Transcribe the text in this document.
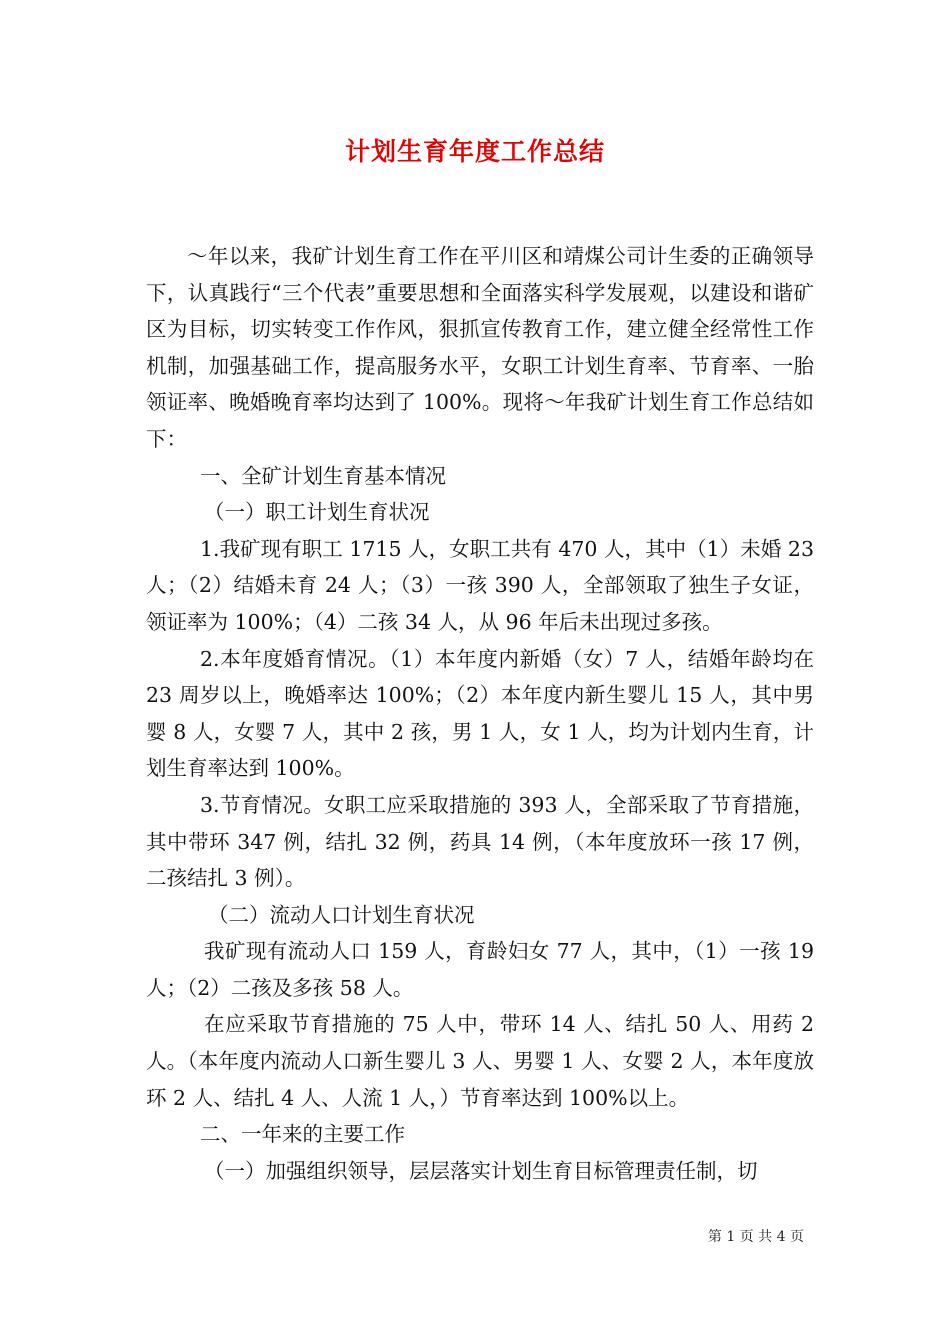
计划生育年度工作总结

～年以来，我矿计划生育工作在平川区和靖煤公司计生委的正确领导下，认真践行“三个代表”重要思想和全面落实科学发展观，以建设和谐矿区为目标，切实转变工作作风，狠抓宣传教育工作，建立健全经常性工作机制，加强基础工作，提高服务水平，女职工计划生育率、节育率、一胎领证率、晚婚晚育率均达到了 100%。现将～年我矿计划生育工作总结如下：

一、全矿计划生育基本情况

（一）职工计划生育状况

1.我矿现有职工 1715 人，女职工共有 470 人，其中（1）未婚 23 人；（2）结婚未育 24 人；（3）一孩 390 人，全部领取了独生子女证，领证率为 100%；（4）二孩 34 人，从 96 年后未出现过多孩。

2.本年度婚育情况。（1）本年度内新婚（女）7 人，结婚年龄均在 23 周岁以上，晚婚率达 100%；（2）本年度内新生婴儿 15 人，其中男婴 8 人，女婴 7 人，其中 2 孩，男 1 人，女 1 人，均为计划内生育，计划生育率达到 100%。

3.节育情况。女职工应采取措施的 393 人，全部采取了节育措施，其中带环 347 例，结扎 32 例，药具 14 例，（本年度放环一孩 17 例，二孩结扎 3 例）。

（二）流动人口计划生育状况

我矿现有流动人口 159 人，育龄妇女 77 人，其中，（1）一孩 19 人；（2）二孩及多孩 58 人。

在应采取节育措施的 75 人中，带环 14 人、结扎 50 人、用药 2 人。（本年度内流动人口新生婴儿 3 人、男婴 1 人、女婴 2 人，本年度放环 2 人、结扎 4 人、人流 1 人，）节育率达到 100%以上。

二、一年来的主要工作

（一）加强组织领导，层层落实计划生育目标管理责任制，切

第 1 页 共 4 页
